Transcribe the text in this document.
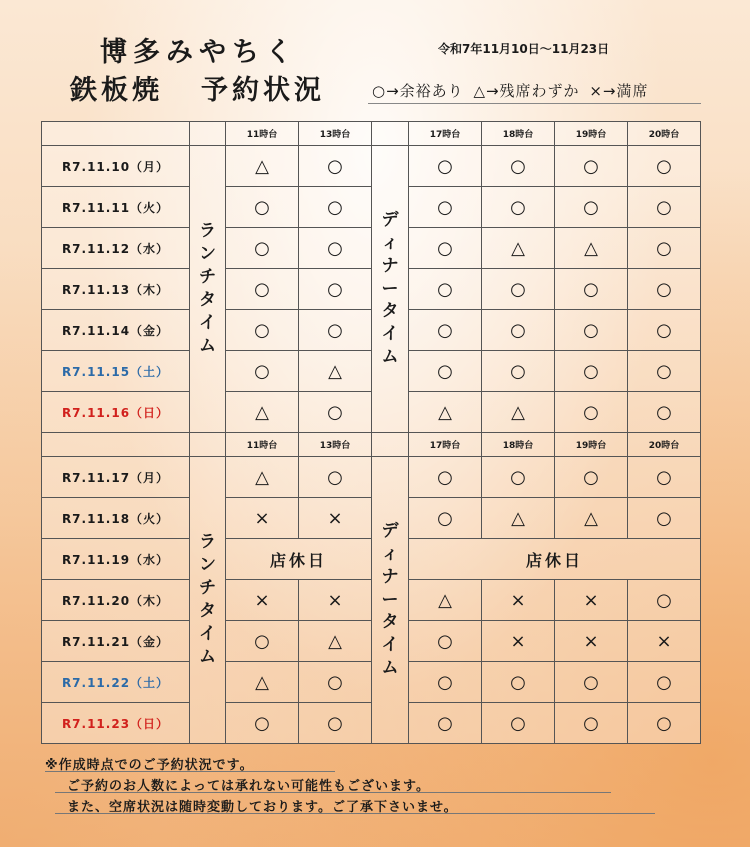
博多みやちく
鉄板焼 予約状況
令和7年11月10日～11月23日
○→余裕あり △→残席わずか ×→満席
		11時台	13時台		17時台	18時台	19時台	20時台
R7.11.10（月）	ランチタイム	△	○	ディナータイム	○	○	○	○
R7.11.11（火）		○	○		○	○	○	○
R7.11.12（水）		○	○		○	△	△	○
R7.11.13（木）		○	○		○	○	○	○
R7.11.14（金）		○	○		○	○	○	○
R7.11.15（土）		○	△		○	○	○	○
R7.11.16（日）		△	○		△	△	○	○
		11時台	13時台		17時台	18時台	19時台	20時台
R7.11.17（月）	ランチタイム	△	○	ディナータイム	○	○	○	○
R7.11.18（火）		×	×		○	△	△	○
R7.11.19（水）		店休日			店休日			
R7.11.20（木）		×	×		△	×	×	○
R7.11.21（金）		○	△		○	×	×	×
R7.11.22（土）		△	○		○	○	○	○
R7.11.23（日）		○	○		○	○	○	○
※作成時点でのご予約状況です。
ご予約のお人数によっては承れない可能性もございます。
また、空席状況は随時変動しております。ご了承下さいませ。
